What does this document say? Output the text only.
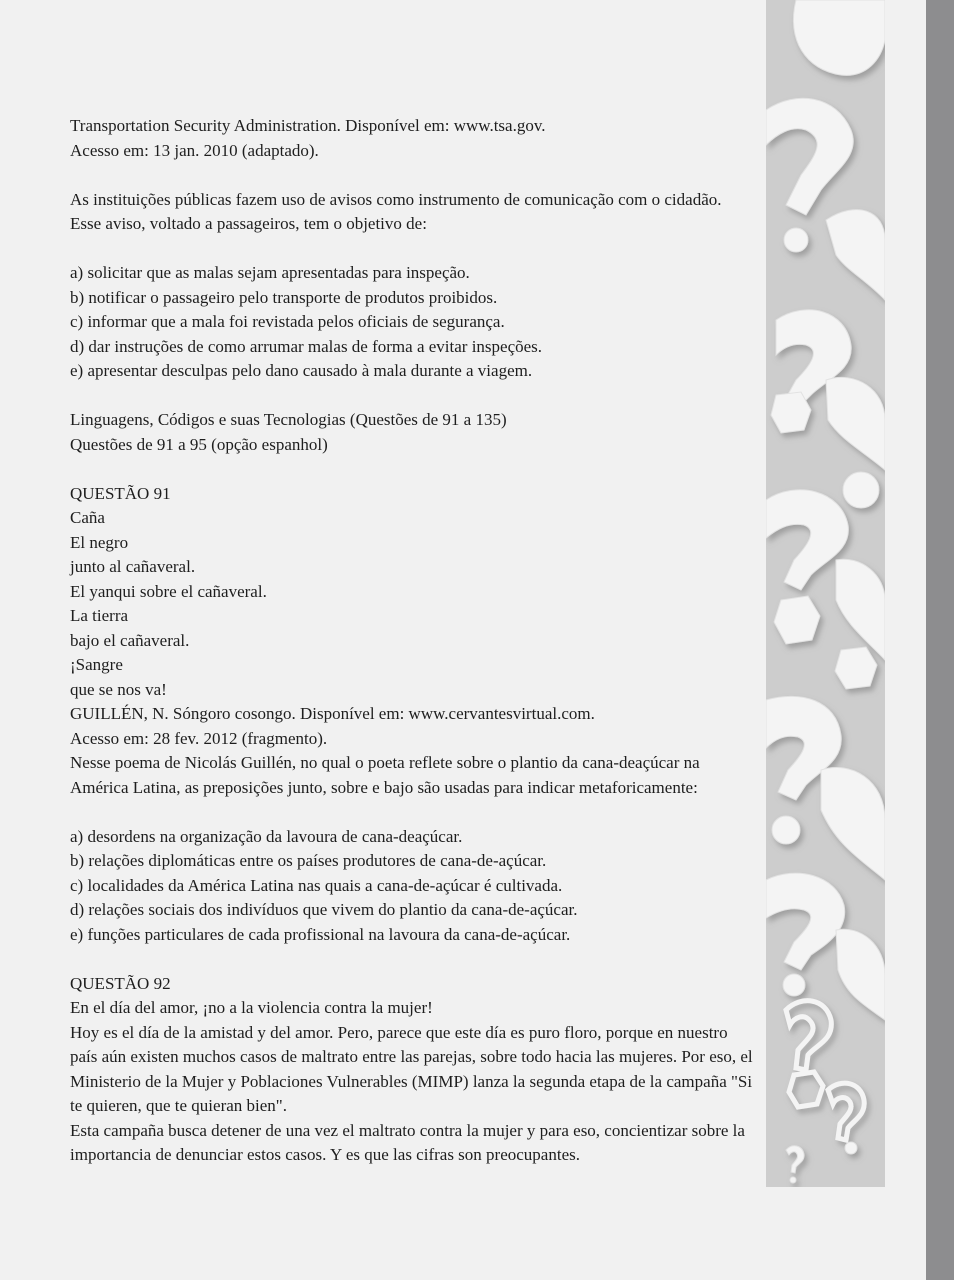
Transportation Security Administration. Disponível em: www.tsa.gov.
Acesso em: 13 jan. 2010 (adaptado).
As instituições públicas fazem uso de avisos como instrumento de comunicação com o cidadão. Esse aviso, voltado a passageiros, tem o objetivo de:
a) solicitar que as malas sejam apresentadas para inspeção.
b) notificar o passageiro pelo transporte de produtos proibidos.
c) informar que a mala foi revistada pelos oficiais de segurança.
d) dar instruções de como arrumar malas de forma a evitar inspeções.
e) apresentar desculpas pelo dano causado à mala durante a viagem.
Linguagens, Códigos e suas Tecnologias (Questões de 91 a 135)
Questões de 91 a 95 (opção espanhol)
QUESTÃO 91
Caña
El negro
junto al cañaveral.
El yanqui sobre el cañaveral.
La tierra
bajo el cañaveral.
¡Sangre
que se nos va!
GUILLÉN, N. Sóngoro cosongo. Disponível em: www.cervantesvirtual.com.
Acesso em: 28 fev. 2012 (fragmento).
Nesse poema de Nicolás Guillén, no qual o poeta reflete sobre o plantio da cana-deaçúcar na América Latina, as preposições junto, sobre e bajo são usadas para indicar metaforicamente:
a) desordens na organização da lavoura de cana-deaçúcar.
b) relações diplomáticas entre os países produtores de cana-de-açúcar.
c) localidades da América Latina nas quais a cana-de-açúcar é cultivada.
d) relações sociais dos indivíduos que vivem do plantio da cana-de-açúcar.
e) funções particulares de cada profissional na lavoura da cana-de-açúcar.
QUESTÃO 92
En el día del amor, ¡no a la violencia contra la mujer!
Hoy es el día de la amistad y del amor. Pero, parece que este día es puro floro, porque en nuestro país aún existen muchos casos de maltrato entre las parejas, sobre todo hacia las mujeres. Por eso, el Ministerio de la Mujer y Poblaciones Vulnerables (MIMP) lanza la segunda etapa de la campaña "Si te quieren, que te quieran bien".
Esta campaña busca detener de una vez el maltrato contra la mujer y para eso, concientizar sobre la importancia de denunciar estos casos. Y es que las cifras son preocupantes.
